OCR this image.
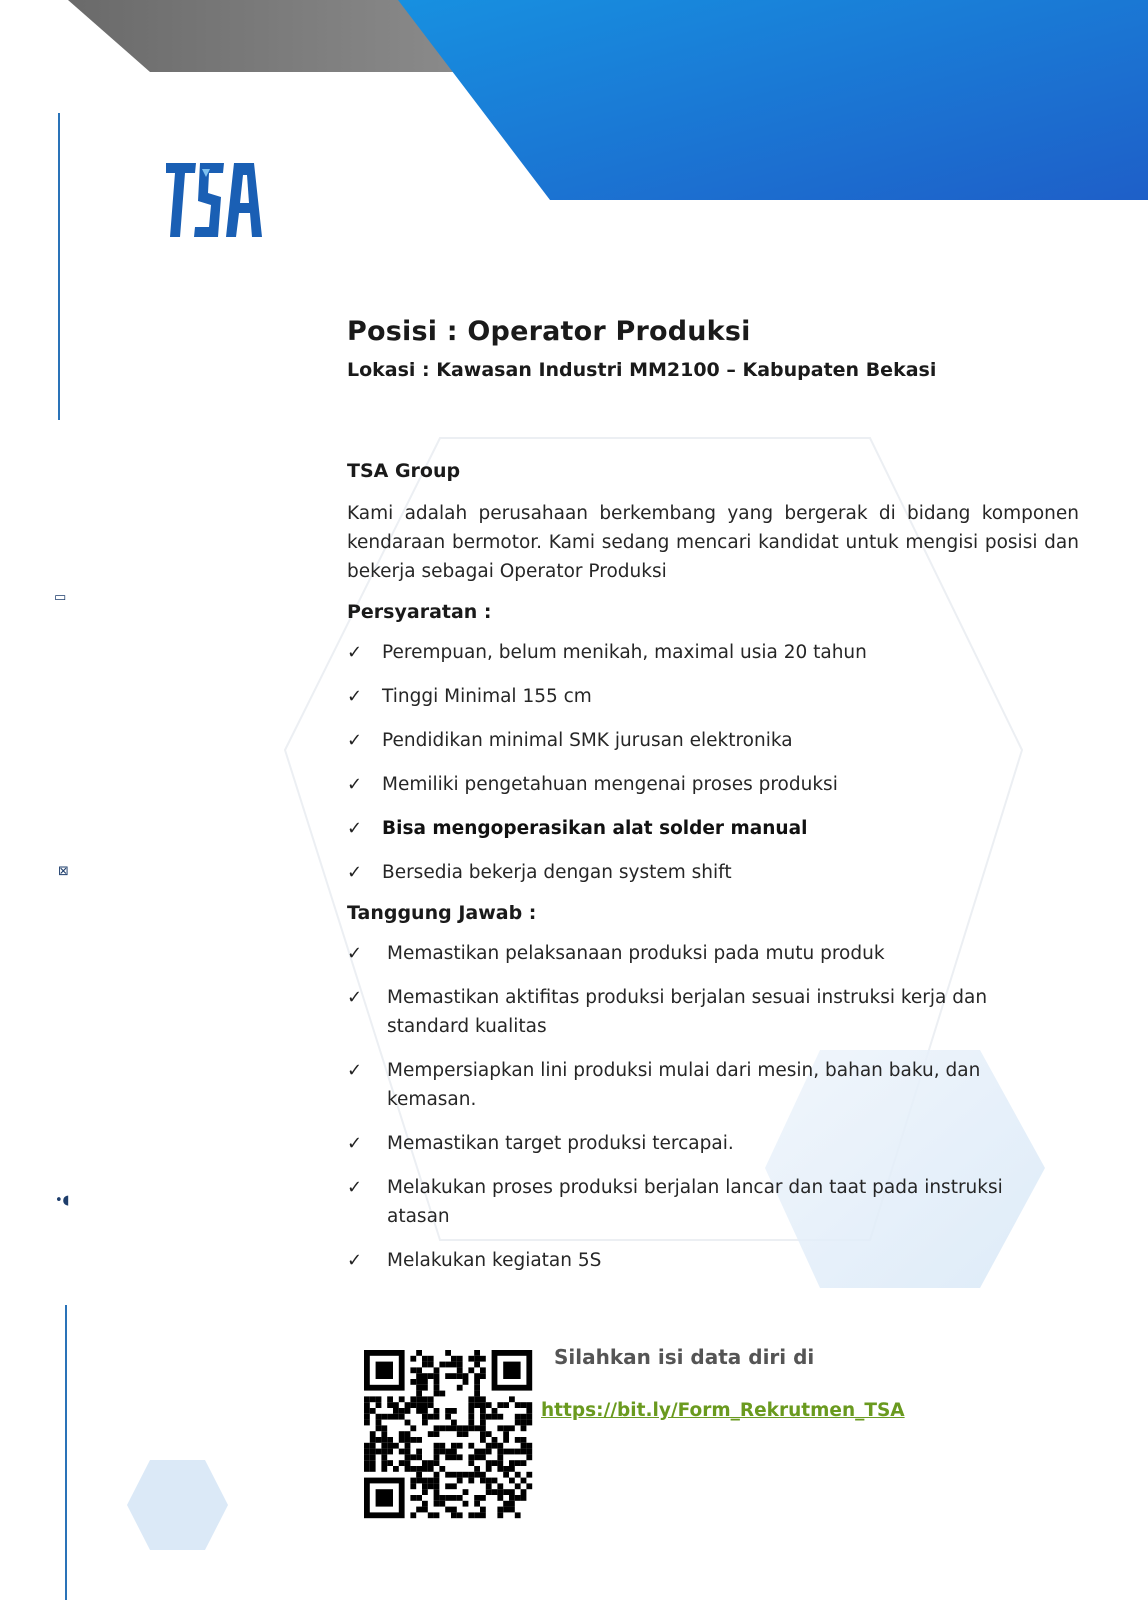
▭
⊠
•◖
Posisi : Operator Produksi
Lokasi : Kawasan Industri MM2100 – Kabupaten Bekasi
TSA Group
Kami adalah perusahaan berkembang yang bergerak di bidang komponen kendaraan bermotor. Kami sedang mencari kandidat untuk mengisi posisi dan bekerja sebagai Operator Produksi
Persyaratan :
✓ Perempuan, belum menikah, maximal usia 20 tahun
✓ Tinggi Minimal 155 cm
✓ Pendidikan minimal SMK jurusan elektronika
✓ Memiliki pengetahuan mengenai proses produksi
✓ Bisa mengoperasikan alat solder manual
✓ Bersedia bekerja dengan system shift
Tanggung Jawab :
✓ Memastikan pelaksanaan produksi pada mutu produk
✓ Memastikan aktifitas produksi berjalan sesuai instruksi kerja dan standard kualitas
✓ Mempersiapkan lini produksi mulai dari mesin, bahan baku, dan kemasan.
✓ Memastikan target produksi tercapai.
✓ Melakukan proses produksi berjalan lancar dan taat pada instruksi atasan
✓ Melakukan kegiatan 5S
Silahkan isi data diri di
https://bit.ly/Form_Rekrutmen_TSA
